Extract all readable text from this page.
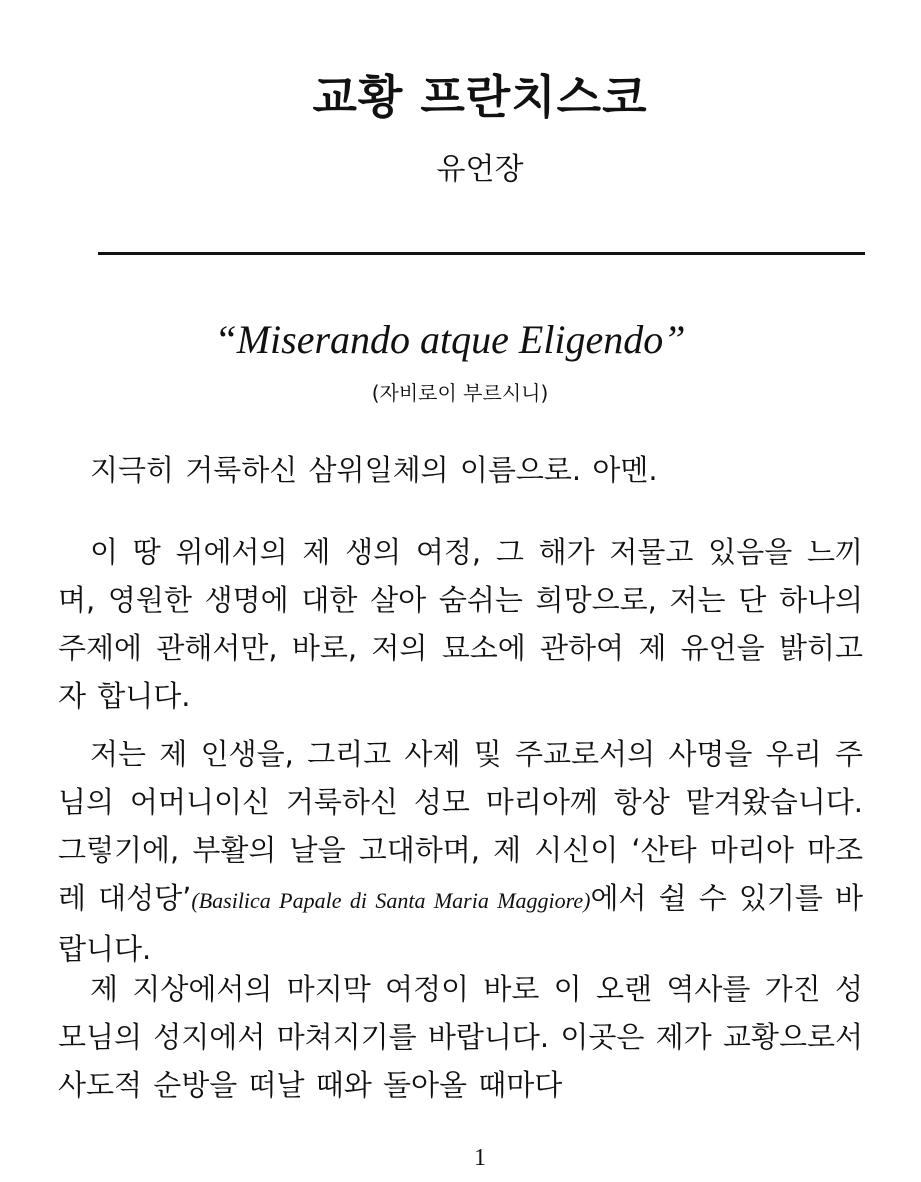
교황 프란치스코

유언장

“Miserando atque Eligendo”

(자비로이 부르시니)

지극히 거룩하신 삼위일체의 이름으로. 아멘.

이 땅 위에서의 제 생의 여정, 그 해가 저물고 있음을 느끼며, 영원한 생명에 대한 살아 숨쉬는 희망으로, 저는 단 하나의 주제에 관해서만, 바로, 저의 묘소에 관하여 제 유언을 밝히고자 합니다.

저는 제 인생을, 그리고 사제 및 주교로서의 사명을 우리 주님의 어머니이신 거룩하신 성모 마리아께 항상 맡겨왔습니다. 그렇기에, 부활의 날을 고대하며, 제 시신이 ‘산타 마리아 마조레 대성당’(Basilica Papale di Santa Maria Maggiore)에서 쉴 수 있기를 바랍니다.

제 지상에서의 마지막 여정이 바로 이 오랜 역사를 가진 성모님의 성지에서 마쳐지기를 바랍니다. 이곳은 제가 교황으로서 사도적 순방을 떠날 때와 돌아올 때마다

1
